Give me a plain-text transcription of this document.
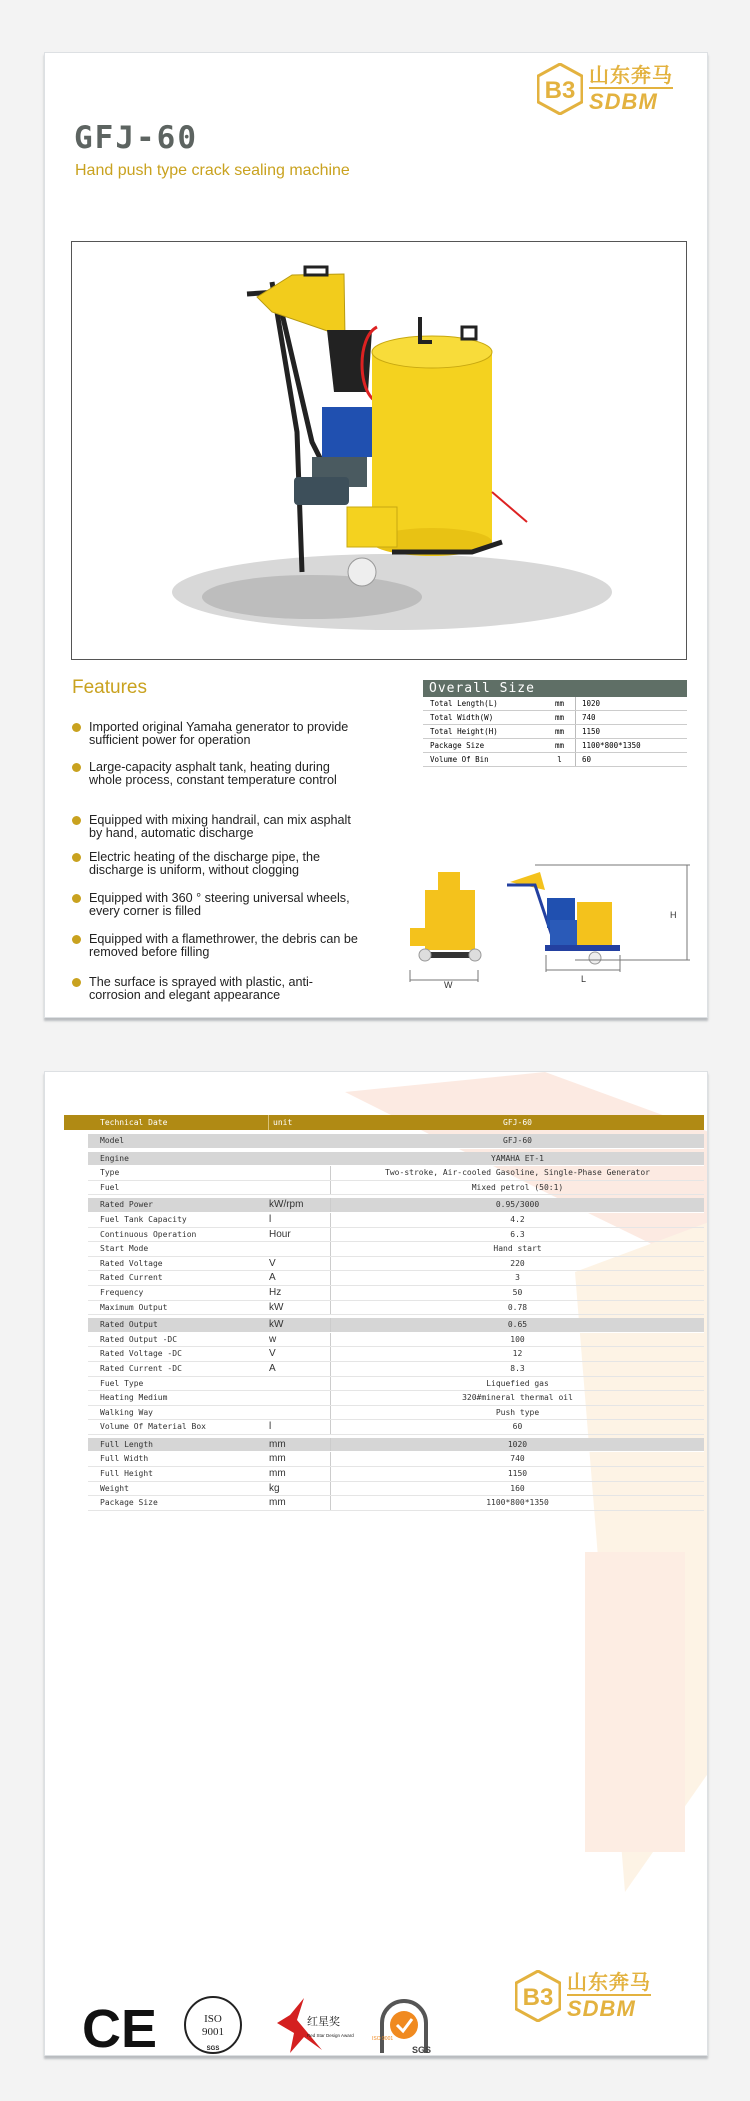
B3
山东奔马
SDBM
GFJ-60
Hand push type crack sealing machine
Features
Imported original Yamaha generator to provide sufficient power for operation
Large-capacity asphalt tank, heating during whole process, constant temperature control
Equipped with mixing handrail, can mix asphalt by hand, automatic discharge
Electric heating of the discharge pipe, the discharge is uniform, without clogging
Equipped with 360 ° steering universal wheels, every corner is filled
Equipped with a flamethrower, the debris can be removed before filling
The surface is sprayed with plastic, anti-corrosion and elegant appearance
Overall Size
Total Length(L)	mm	1020
Total Width(W)	mm	740
Total Height(H)	mm	1150
Package Size	mm	1100*800*1350
Volume Of Bin	l	60
W
H
L
B3
山东奔马
SDBM
Technical Date	unit	GFJ-60
Model	GFJ-60
Engine	YAMAHA ET-1
Type	Two-stroke, Air-cooled Gasoline, Single-Phase Generator
Fuel	Mixed petrol (50:1)
Rated Power	kW/rpm	0.95/3000
Fuel Tank Capacity	l	4.2
Continuous Operation	Hour	6.3
Start Mode	Hand start
Rated Voltage	V	220
Rated Current	A	3
Frequency	Hz	50
Maximum Output	kW	0.78
Rated Output	kW	0.65
Rated Output -DC	w	100
Rated Voltage -DC	V	12
Rated Current -DC	A	8.3
Fuel Type	Liquefied gas
Heating Medium	320#mineral thermal oil
Walking Way	Push type
Volume Of Material Box	l	60
Full Length	mm	1020
Full Width	mm	740
Full Height	mm	1150
Weight	kg	160
Package Size	mm	1100*800*1350
CE	ISO
9001
SGS
红星奖
Red Star Design Award
SGS
ISO 9001
